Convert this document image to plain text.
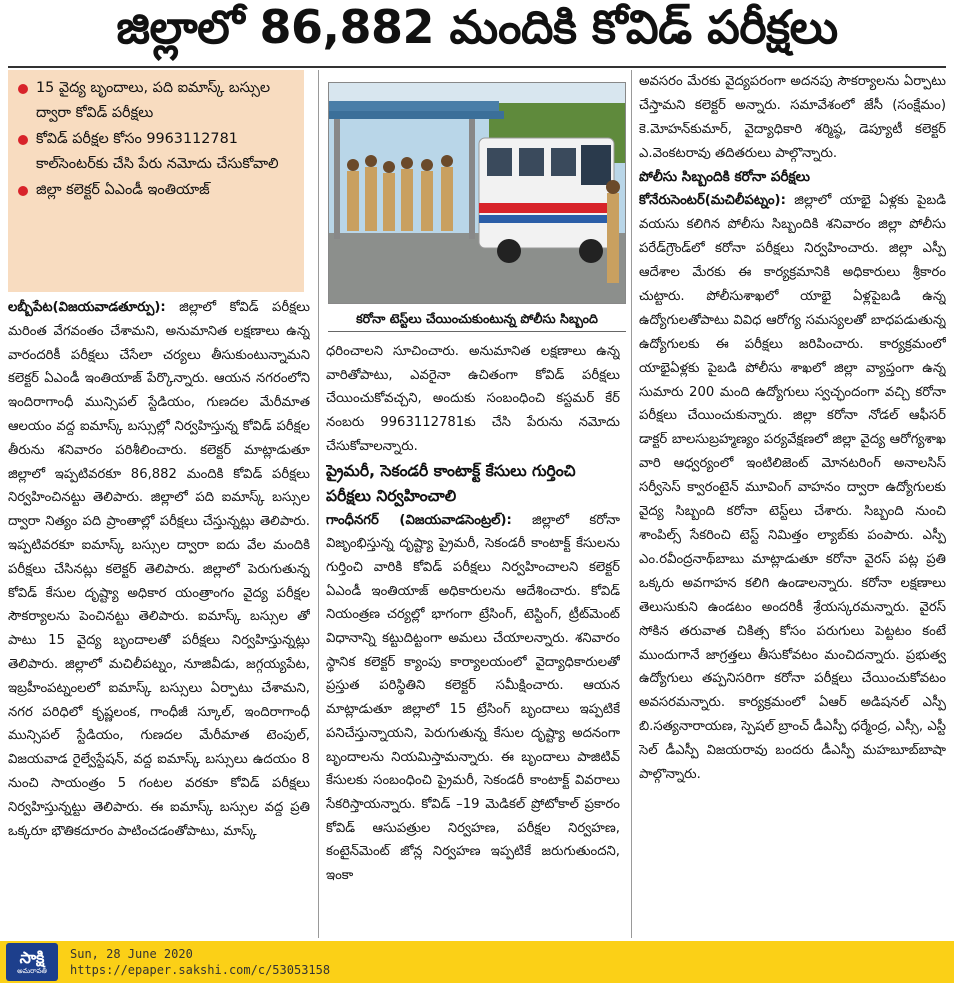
జిల్లాలో 86,882 మందికి కోవిడ్ పరీక్షలు
15 వైద్య బృందాలు, పది ఐమాస్క్ బస్సుల ద్వారా కోవిడ్ పరీక్షలు
కోవిడ్ పరీక్షల కోసం 9963112781 కాల్‌సెంటర్‌కు చేసి పేరు నమోదు చేసుకోవాలి
జిల్లా కలెక్టర్ ఏఎండీ ఇంతియాజ్

లబ్బీపేట(విజయవాడతూర్పు): జిల్లాలో కోవిడ్ పరీక్షలు మరింత వేగవంతం చేశామని, అనుమానిత లక్షణాలు ఉన్న వారందరికీ పరీక్షలు చేసేలా చర్యలు తీసుకుంటున్నామని కలెక్టర్ ఏఎండీ ఇంతియాజ్ పేర్కొన్నారు. ఆయన నగరంలోని ఇందిరాగాంధీ మున్సిపల్ స్టేడియం, గుణదల మేరీమాత ఆలయం వద్ద ఐమాస్క్ బస్సుల్లో నిర్వహిస్తున్న కోవిడ్ పరీక్షల తీరును శనివారం పరిశీలించారు. కలెక్టర్ మాట్లాడుతూ జిల్లాలో ఇప్పటివరకూ 86,882 మందికి కోవిడ్ పరీక్షలు నిర్వహించినట్టు తెలిపారు. జిల్లాలో పది ఐమాస్క్ బస్సుల ద్వారా నిత్యం పది ప్రాంతాల్లో పరీక్షలు చేస్తున్నట్లు తెలిపారు. ఇప్పటివరకూ ఐమాస్క్ బస్సుల ద్వారా ఐదు వేల మందికి పరీక్షలు చేసినట్లు కలెక్టర్ తెలిపారు. జిల్లాలో పెరుగుతున్న కోవిడ్ కేసుల దృష్ట్యా అధికార యంత్రాంగం వైద్య పరీక్షల సౌకర్యాలను పెంచినట్టు తెలిపారు. ఐమాస్క్ బస్సుల తో పాటు 15 వైద్య బృందాలతో పరీక్షలు నిర్వహిస్తున్నట్లు తెలిపారు. జిల్లాలో మచిలీపట్నం, నూజివీడు, జగ్గయ్యపేట, ఇబ్రహీంపట్నంలలో ఐమాస్క్ బస్సులు ఏర్పాటు చేశామని, నగర పరిధిలో కృష్ణలంక, గాంధీజీ స్కూల్, ఇందిరాగాంధీ మున్సిపల్ స్టేడియం, గుణదల మేరీమాత టెంపుల్, విజయవాడ రైల్వేస్టేషన్, వద్ద ఐమాస్క్ బస్సులు ఉదయం 8 నుంచి సాయంత్రం 5 గంటల వరకూ కోవిడ్ పరీక్షలు నిర్వహిస్తున్నట్టు తెలిపారు. ఈ ఐమాస్క్ బస్సుల వద్ద ప్రతి ఒక్కరూ భౌతికదూరం పాటించడంతోపాటు, మాస్క్

కరోనా టెస్ట్‌లు చేయించుకుంటున్న పోలీసు సిబ్బంది

ధరించాలని సూచించారు. అనుమానిత లక్షణాలు ఉన్న వారితోపాటు, ఎవరైనా ఉచితంగా కోవిడ్ పరీక్షలు చేయించుకోవచ్చని, అందుకు సంబంధించి కస్టమర్ కేర్ నంబరు 9963112781కు చేసి పేరును నమోదు చేసుకోవాలన్నారు.

ప్రైమరీ, సెకండరీ కాంటాక్ట్ కేసులు గుర్తించి పరీక్షలు నిర్వహించాలి

గాంధీనగర్ (విజయవాడసెంట్రల్): జిల్లాలో కరోనా విజృంభిస్తున్న దృష్ట్యా ప్రైమరీ, సెకండరీ కాంటాక్ట్ కేసులను గుర్తించి వారికి కోవిడ్ పరీక్షలు నిర్వహించాలని కలెక్టర్ ఏఎండీ ఇంతియాజ్ అధికారులను ఆదేశించారు. కోవిడ్ నియంత్రణ చర్యల్లో భాగంగా ట్రేసింగ్, టెస్టింగ్, ట్రీట్‌మెంట్ విధానాన్ని కట్టుదిట్టంగా అమలు చేయాలన్నారు. శనివారం స్థానిక కలెక్టర్ క్యాంపు కార్యాలయంలో వైద్యాధికారులతో ప్రస్తుత పరిస్థితిని కలెక్టర్ సమీక్షించారు. ఆయన మాట్లాడుతూ జిల్లాలో 15 ట్రేసింగ్ బృందాలు ఇప్పటికే పనిచేస్తున్నాయని, పెరుగుతున్న కేసుల దృష్ట్యా అదనంగా బృందాలను నియమిస్తామన్నారు. ఈ బృందాలు పాజిటివ్ కేసులకు సంబంధించి ప్రైమరీ, సెకండరీ కాంటాక్ట్ వివరాలు సేకరిస్తాయన్నారు. కోవిడ్ –19 మెడికల్ ప్రోటోకాల్ ప్రకారం కోవిడ్ ఆసుపత్రుల నిర్వహణ, పరీక్షల నిర్వహణ, కంటైన్‌మెంట్ జోన్ల నిర్వహణ ఇప్పటికే జరుగుతుందని, ఇంకా

అవసరం మేరకు వైద్యపరంగా అదనపు సౌకర్యాలను ఏర్పాటు చేస్తామని కలెక్టర్ అన్నారు. సమావేశంలో జేసీ (సంక్షేమం) కె.మోహన్‌కుమార్, వైద్యాధికారి శర్మిష్ఠ, డెప్యూటీ కలెక్టర్ ఎ.వెంకటరావు తదితరులు పాల్గొన్నారు.

పోలీసు సిబ్బందికి కరోనా పరీక్షలు

కోనేరుసెంటర్(మచిలీపట్నం): జిల్లాలో యాభై ఏళ్లకు పైబడి వయసు కలిగిన పోలీసు సిబ్బందికి శనివారం జిల్లా పోలీసు పరేడ్‌గ్రౌండ్‌లో కరోనా పరీక్షలు నిర్వహించారు. జిల్లా ఎస్పీ ఆదేశాల మేరకు ఈ కార్యక్రమానికి అధికారులు శ్రీకారం చుట్టారు. పోలీసుశాఖలో యాభై ఏళ్లపైబడి ఉన్న ఉద్యోగులతోపాటు వివిధ ఆరోగ్య సమస్యలతో బాధపడుతున్న ఉద్యోగులకు ఈ పరీక్షలు జరిపించారు. కార్యక్రమంలో యాభైఏళ్లకు పైబడి పోలీసు శాఖలో జిల్లా వ్యాప్తంగా ఉన్న సుమారు 200 మంది ఉద్యోగులు స్వచ్ఛందంగా వచ్చి కరోనా పరీక్షలు చేయించుకున్నారు. జిల్లా కరోనా నోడల్ ఆఫీసర్ డాక్టర్ బాలసుబ్రహ్మణ్యం పర్యవేక్షణలో జిల్లా వైద్య ఆరోగ్యశాఖ వారి ఆధ్వర్యంలో ఇంటిలిజెంట్ మోనటరింగ్ అనాలసిస్ సర్వీసెస్ క్వారంటైన్ మూవింగ్ వాహనం ద్వారా ఉద్యోగులకు వైద్య సిబ్బంది కరోనా టెస్ట్‌లు చేశారు. సిబ్బంది నుంచి శాంపిల్స్ సేకరించి టెస్ట్ నిమిత్తం ల్యాబ్‌కు పంపారు. ఎస్పీ ఎం.రవీంద్రనాథ్‌బాబు మాట్లాడుతూ కరోనా వైరస్ పట్ల ప్రతి ఒక్కరు అవగాహన కలిగి ఉండాలన్నారు. కరోనా లక్షణాలు తెలుసుకుని ఉండటం అందరికీ శ్రేయస్కరమన్నారు. వైరస్ సోకిన తరువాత చికిత్స కోసం పరుగులు పెట్టటం కంటే ముందుగానే జాగ్రత్తలు తీసుకోవటం మంచిదన్నారు. ప్రభుత్వ ఉద్యోగులు తప్పనిసరిగా కరోనా పరీక్షలు చేయించుకోవటం అవసరమన్నారు. కార్యక్రమంలో ఏఆర్ అడిషనల్ ఎస్పీ బి.సత్యనారాయణ, స్పెషల్ బ్రాంచ్ డీఎస్పీ ధర్మేంద్ర, ఎస్సీ, ఎస్టీ సెల్ డీఎస్పీ విజయరావు బందరు డీఎస్పీ మహబూబ్‌బాషా పాల్గొన్నారు.

సాక్షి
అమరావతి
Sun, 28 June 2020
https://epaper.sakshi.com/c/53053158
